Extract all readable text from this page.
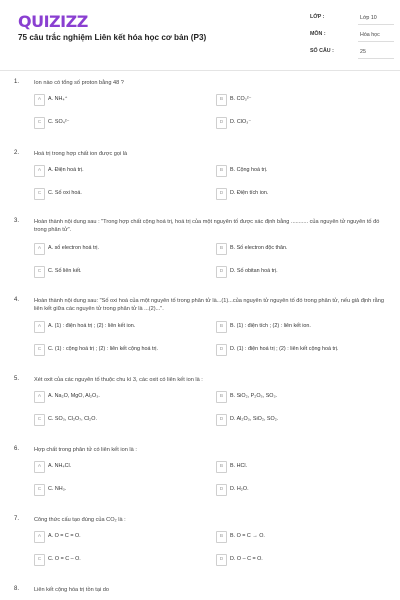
QUIZIZZ
75 câu trắc nghiệm Liên kết hóa học cơ bản (P3)
LỚP :	Lớp 10
MÔN :	Hóa học
SỐ CÂU :	25
1.	Ion nào có tổng số proton bằng 48 ?
A	A. NH₄⁺	B	B. CO₃²⁻
C	C. SO₄²⁻	D	D. ClO₃⁻
2.	Hoá trị trong hợp chất ion được gọi là
A	A. Điện hoá trị.	B	B. Cộng hoá trị.
C	C. Số oxi hoá.	D	D. Điện tích ion.
3.	Hoàn thành nội dung sau : "Trong hợp chất cộng hoá trị, hoá trị của một nguyên tố được xác định bằng ........... của nguyên tử nguyên tố đó trong phân tử".
A	A. số electron hoá trị.	B	B. Số electron độc thân.
C	C. Số liên kết.	D	D. Số obitan hoá trị.
4.	Hoàn thành nội dung sau: "Số oxi hoá của một nguyên tố trong phân tử là...(1)...của nguyên tử nguyên tố đó trong phân tử, nếu giả định rằng liên kết giữa các nguyên tử trong phân tử là ...(2)...".
A	A. (1) : điện hoá trị ; (2) : liên kết ion.	B	B. (1) : điện tích ; (2) : liên kết ion.
C	C. (1) : cộng hoá trị ; (2) : liên kết cộng hoá trị.	D	D. (1) : điện hoá trị ; (2) : liên kết cộng hoá trị.
5.	Xét oxit của các nguyên tố thuộc chu kì 3, các oxit có liên kết ion là :
A	A. Na₂O, MgO, Al₂O₃.	B	B. SiO₂, P₂O₅, SO₃.
C	C. SO₃, Cl₂O₇, Cl₂O.	D	D. Al₂O₃, SiO₂, SO₂.
6.	Hợp chất trong phân tử có liên kết ion là :
A	A. NH₄Cl.	B	B. HCl.
C	C. NH₃.	D	D. H₂O.
7.	Công thức cấu tạo đúng của CO₂ là :
A	A. O = C = O.	B	B. O = C → O.
C	C. O = C – O.	D	D. O – C = O.
8.	Liên kết cộng hóa trị tồn tại do
